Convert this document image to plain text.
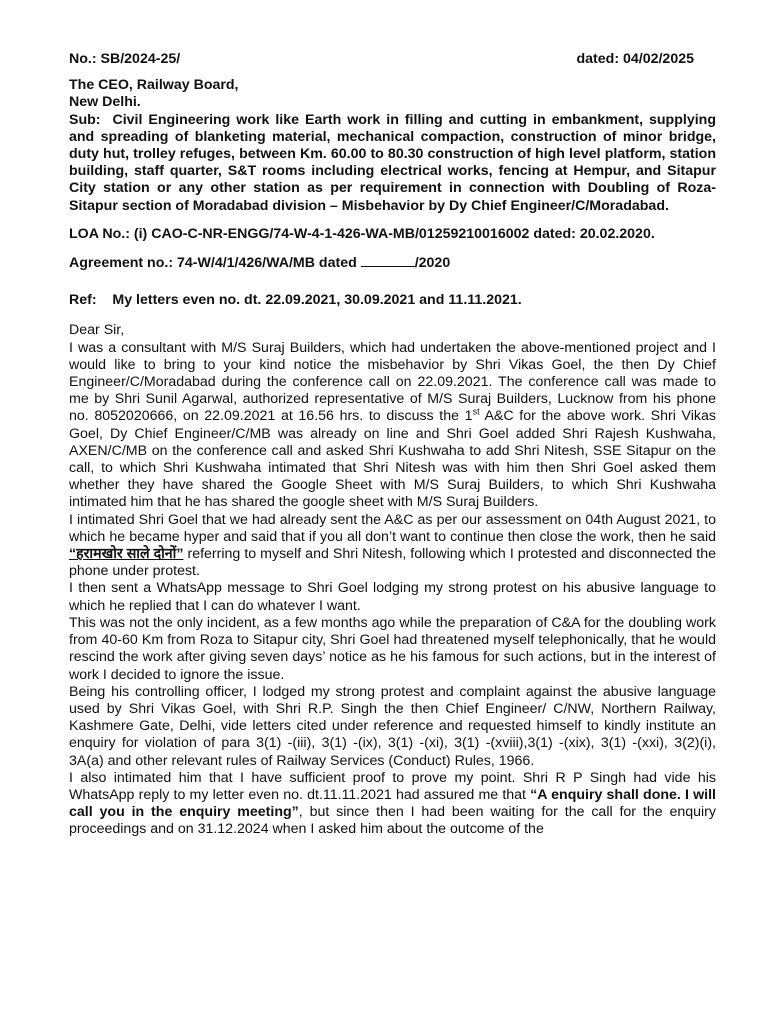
No.: SB/2024-25/	dated: 04/02/2025
The CEO, Railway Board,
New Delhi.

Sub: Civil Engineering work like Earth work in filling and cutting in embankment, supplying and spreading of blanketing material, mechanical compaction, construction of minor bridge, duty hut, trolley refuges, between Km. 60.00 to 80.30 construction of high level platform, station building, staff quarter, S&T rooms including electrical works, fencing at Hempur, and Sitapur City station or any other station as per requirement in connection with Doubling of Roza-Sitapur section of Moradabad division – Misbehavior by Dy Chief Engineer/C/Moradabad.

LOA No.: (i) CAO-C-NR-ENGG/74-W-4-1-426-WA-MB/01259210016002 dated: 20.02.2020.
Agreement no.: 74-W/4/1/426/WA/MB dated	/2020
Ref: My letters even no. dt. 22.09.2021, 30.09.2021 and 11.11.2021.
Dear Sir,

I was a consultant with M/S Suraj Builders, which had undertaken the above-mentioned project and I would like to bring to your kind notice the misbehavior by Shri Vikas Goel, the then Dy Chief Engineer/C/Moradabad during the conference call on 22.09.2021. The conference call was made to me by Shri Sunil Agarwal, authorized representative of M/S Suraj Builders, Lucknow from his phone no. 8052020666, on 22.09.2021 at 16.56 hrs. to discuss the 1st A&C for the above work. Shri Vikas Goel, Dy Chief Engineer/C/MB was already on line and Shri Goel added Shri Rajesh Kushwaha, AXEN/C/MB on the conference call and asked Shri Kushwaha to add Shri Nitesh, SSE Sitapur on the call, to which Shri Kushwaha intimated that Shri Nitesh was with him then Shri Goel asked them whether they have shared the Google Sheet with M/S Suraj Builders, to which Shri Kushwaha intimated him that he has shared the google sheet with M/S Suraj Builders.

I intimated Shri Goel that we had already sent the A&C as per our assessment on 04th August 2021, to which he became hyper and said that if you all don’t want to continue then close the work, then he said “हरामखोर साले दोनों” referring to myself and Shri Nitesh, following which I protested and disconnected the phone under protest.

I then sent a WhatsApp message to Shri Goel lodging my strong protest on his abusive language to which he replied that I can do whatever I want.

This was not the only incident, as a few months ago while the preparation of C&A for the doubling work from 40-60 Km from Roza to Sitapur city, Shri Goel had threatened myself telephonically, that he would rescind the work after giving seven days’ notice as he his famous for such actions, but in the interest of work I decided to ignore the issue.

Being his controlling officer, I lodged my strong protest and complaint against the abusive language used by Shri Vikas Goel, with Shri R.P. Singh the then Chief Engineer/ C/NW, Northern Railway, Kashmere Gate, Delhi, vide letters cited under reference and requested himself to kindly institute an enquiry for violation of para 3(1) -(iii), 3(1) -(ix), 3(1) -(xi), 3(1) -(xviii),3(1) -(xix), 3(1) -(xxi), 3(2)(i), 3A(a) and other relevant rules of Railway Services (Conduct) Rules, 1966.

I also intimated him that I have sufficient proof to prove my point. Shri R P Singh had vide his WhatsApp reply to my letter even no. dt.11.11.2021 had assured me that “A enquiry shall done. I will call you in the enquiry meeting”, but since then I had been waiting for the call for the enquiry proceedings and on 31.12.2024 when I asked him about the outcome of the
